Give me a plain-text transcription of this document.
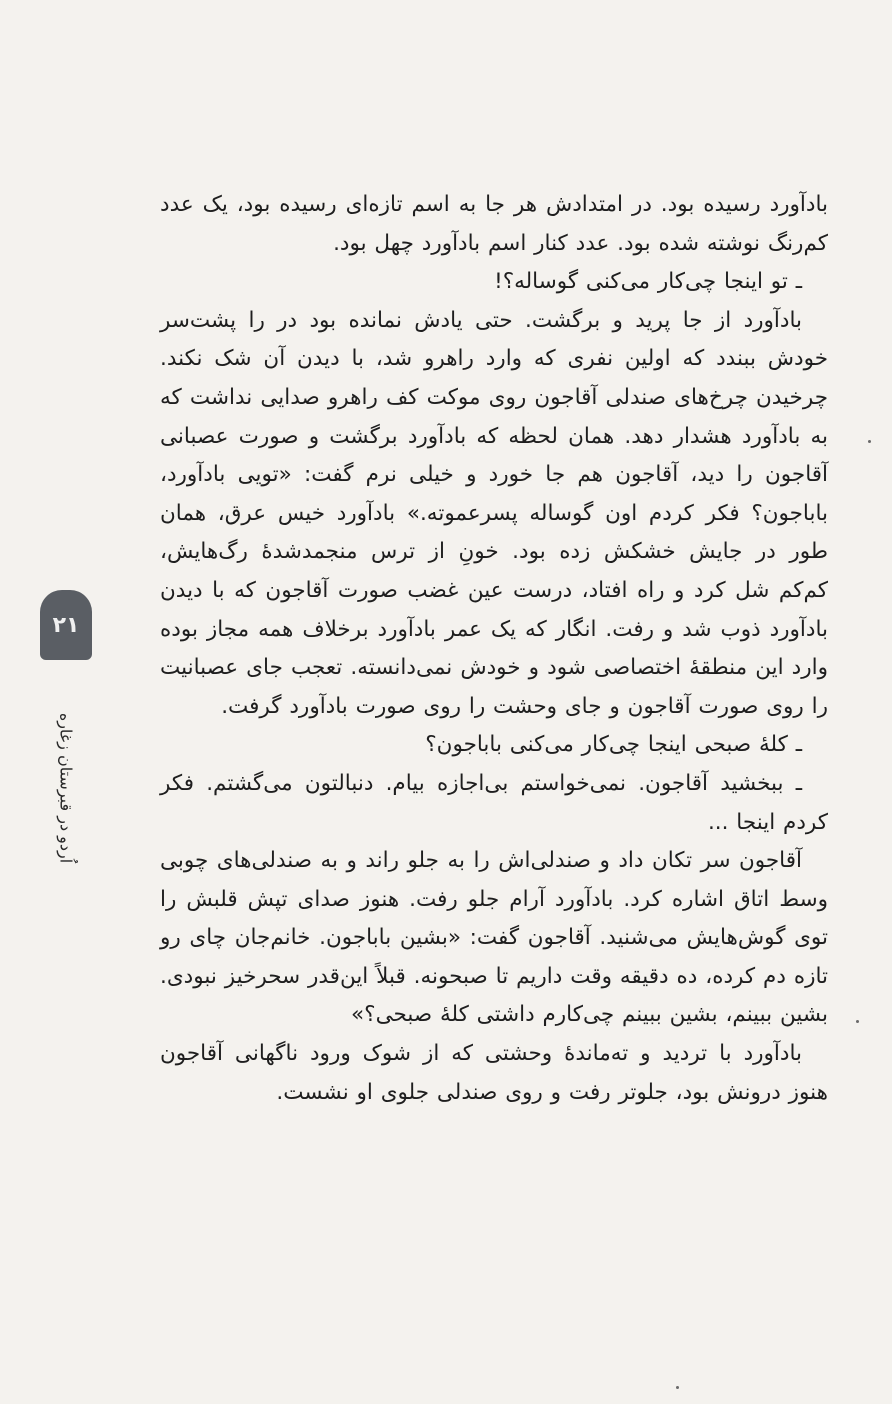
بادآورد رسیده بود. در امتدادش هر جا به اسم تازه‌ای رسیده بود، یک عدد کم‌رنگ نوشته شده بود. عدد کنار اسم بادآورد چهل بود.

ـ تو اینجا چی‌کار می‌کنی گوساله؟!

بادآورد از جا پرید و برگشت. حتی یادش نمانده بود در را پشت‌سر خودش ببندد که اولین نفری که وارد راهرو شد، با دیدن آن شک نکند. چرخیدن چرخ‌های صندلی آقاجون روی موکت کف راهرو صدایی نداشت که به بادآورد هشدار دهد. همان لحظه که بادآورد برگشت و صورت عصبانی آقاجون را دید، آقاجون هم جا خورد و خیلی نرم گفت: «تویی بادآورد، باباجون؟ فکر کردم اون گوساله پسرعموته.» بادآورد خیس عرق، همان طور در جایش خشکش زده بود. خونِ از ترس منجمدشدهٔ رگ‌هایش، کم‌کم شل کرد و راه افتاد، درست عین غضب صورت آقاجون که با دیدن بادآورد ذوب شد و رفت. انگار که یک عمر بادآورد برخلاف همه مجاز بوده وارد این منطقهٔ اختصاصی شود و خودش نمی‌دانسته. تعجب جای عصبانیت را روی صورت آقاجون و جای وحشت را روی صورت بادآورد گرفت.

ـ کلهٔ صبحی اینجا چی‌کار می‌کنی باباجون؟

ـ ببخشید آقاجون. نمی‌خواستم بی‌اجازه بیام. دنبالتون می‌گشتم. فکر کردم اینجا ...

آقاجون سر تکان داد و صندلی‌اش را به جلو راند و به صندلی‌های چوبی وسط اتاق اشاره کرد. بادآورد آرام جلو رفت. هنوز صدای تپش قلبش را توی گوش‌هایش می‌شنید. آقاجون گفت: «بشین باباجون. خانم‌جان چای رو تازه دم کرده، ده دقیقه وقت داریم تا صبحونه. قبلاً این‌قدر سحرخیز نبودی. بشین ببینم، بشین ببینم چی‌کارم داشتی کلهٔ صبحی؟»

بادآورد با تردید و ته‌ماندهٔ وحشتی که از شوک ورود ناگهانی آقاجون هنوز درونش بود، جلوتر رفت و روی صندلی جلوی او نشست.

۲۱
اُردو در قبرستان زغاره
